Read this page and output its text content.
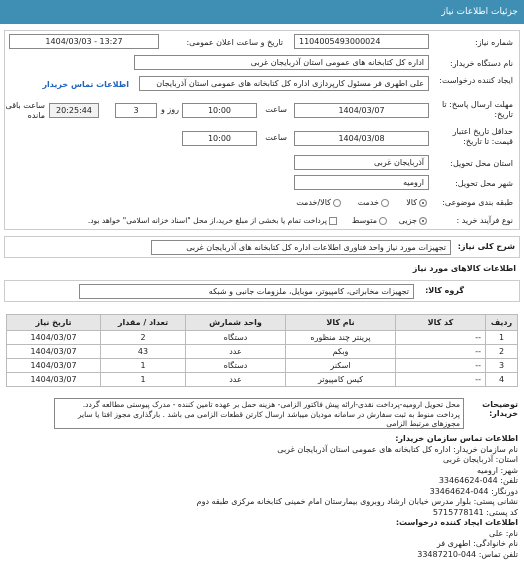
جزئیات اطلاعات نیاز
شماره نیاز:
1104005493000024
تاریخ و ساعت اعلان عمومی:
1404/03/03 - 13:27
نام دستگاه خریدار:
اداره کل کتابخانه های عمومی استان آذربایجان غربی
ایجاد کننده درخواست:
علی اطهری فر مسئول کارپردازی اداره کل کتابخانه های عمومی استان آذربایجان
اطلاعات تماس خریدار
مهلت ارسال پاسخ: تا تاریخ:
1404/03/07
ساعت
10:00
روز و
3
20:25:44
ساعت باقی مانده
حداقل تاریخ اعتبار قیمت: تا تاریخ:
1404/03/08
ساعت
10:00
استان محل تحویل:
آذربایجان غربی
شهر محل تحویل:
ارومیه
طبقه بندی موضوعی:
کالا
خدمت
کالا/خدمت
نوع فرآیند خرید :
جزیی
متوسط
پرداخت تمام یا بخشی از مبلغ خرید،از محل "اسناد خزانه اسلامی" خواهد بود.
شرح کلی نیاز:
تجهیزات مورد نیاز واحد فناوری اطلاعات اداره کل کتابخانه های آذربایجان غربی
اطلاعات کالاهای مورد نیاز
گروه کالا:
تجهیزات مخابراتی، کامپیوتر، موبایل، ملزومات جانبی و شبکه
ردیف	کد کالا	نام کالا	واحد شمارش	تعداد / مقدار	تاریخ نیاز
1	--	پرینتر چند منظوره	دستگاه	2	1404/03/07
2	--	وبکم	عدد	43	1404/03/07
3	--	اسکنر	دستگاه	1	1404/03/07
4	--	کیس کامپیوتر	عدد	1	1404/03/07
توضیحات خریدار:
محل تحویل ارومیه-پرداخت نقدی-ارائه پیش فاکتور الزامی- هزینه حمل بر عهده تامین کننده - مدرک پیوستی مطالعه گردد. پرداخت منوط به ثبت سفارش در سامانه مودیان میباشد ارسال کارتن قطعات الزامی می باشد . بارگذاری مجوز افتا یا سایر مجوزهای مرتبط الزامی
اطلاعات تماس سازمان خریدار:
نام سازمان خریدار: اداره کل کتابخانه های عمومی استان آذربایجان غربی
استان: آذربایجان غربی
شهر: ارومیه
تلفن: 044-33464624
دورنگار: 044-33464624
نشانی پستی: بلوار مدرس خیابان ارشاد روبروی بیمارستان امام خمینی کتابخانه مرکزی طبقه دوم
کد پستی: 5715778141
اطلاعات ایجاد کننده درخواست:
نام: علی
نام خانوادگی: اطهری فر
تلفن تماس: 044-33487210
